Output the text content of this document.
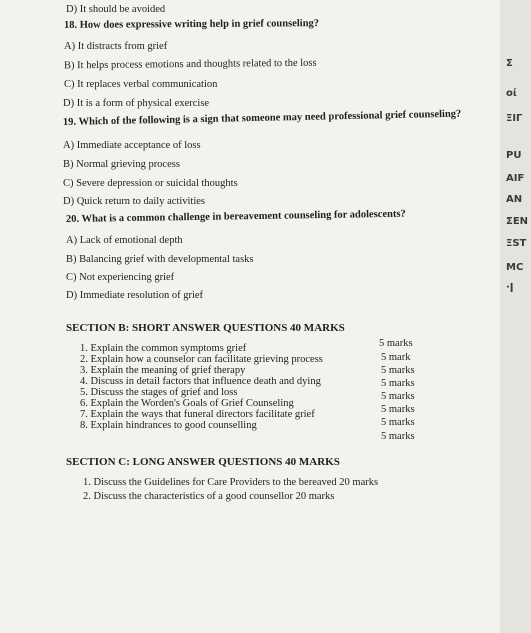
D) It should be avoided
18. How does expressive writing help in grief counseling?
A) It distracts from grief
B) It helps process emotions and thoughts related to the loss
C) It replaces verbal communication
D) It is a form of physical exercise
19. Which of the following is a sign that someone may need professional grief counseling?
A) Immediate acceptance of loss
B) Normal grieving process
C) Severe depression or suicidal thoughts
D) Quick return to daily activities
20. What is a common challenge in bereavement counseling for adolescents?
A) Lack of emotional depth
B) Balancing grief with developmental tasks
C) Not experiencing grief
D) Immediate resolution of grief
SECTION B: SHORT ANSWER QUESTIONS 40 MARKS
1. Explain the common symptoms grief
2. Explain how a counselor can facilitate grieving process
3. Explain the meaning of grief therapy
4. Discuss in detail factors that influence death and dying
5. Discuss the stages of grief and loss
6. Explain the Worden's Goals of Grief Counseling
7. Explain the ways that funeral directors facilitate grief
8. Explain hindrances to good counselling
5 marks
5 mark
5 marks
5 marks
5 marks
5 marks
5 marks
5 marks
SECTION C: LONG ANSWER QUESTIONS 40 MARKS
1. Discuss the Guidelines for Care Providers to the bereaved 20 marks
2. Discuss the characteristics of a good counsellor 20 marks
Σ
οί
ΞΙΓ
ΡU
AIF
AN
ΣΕΝ
ΞST
MC
·ǀ
